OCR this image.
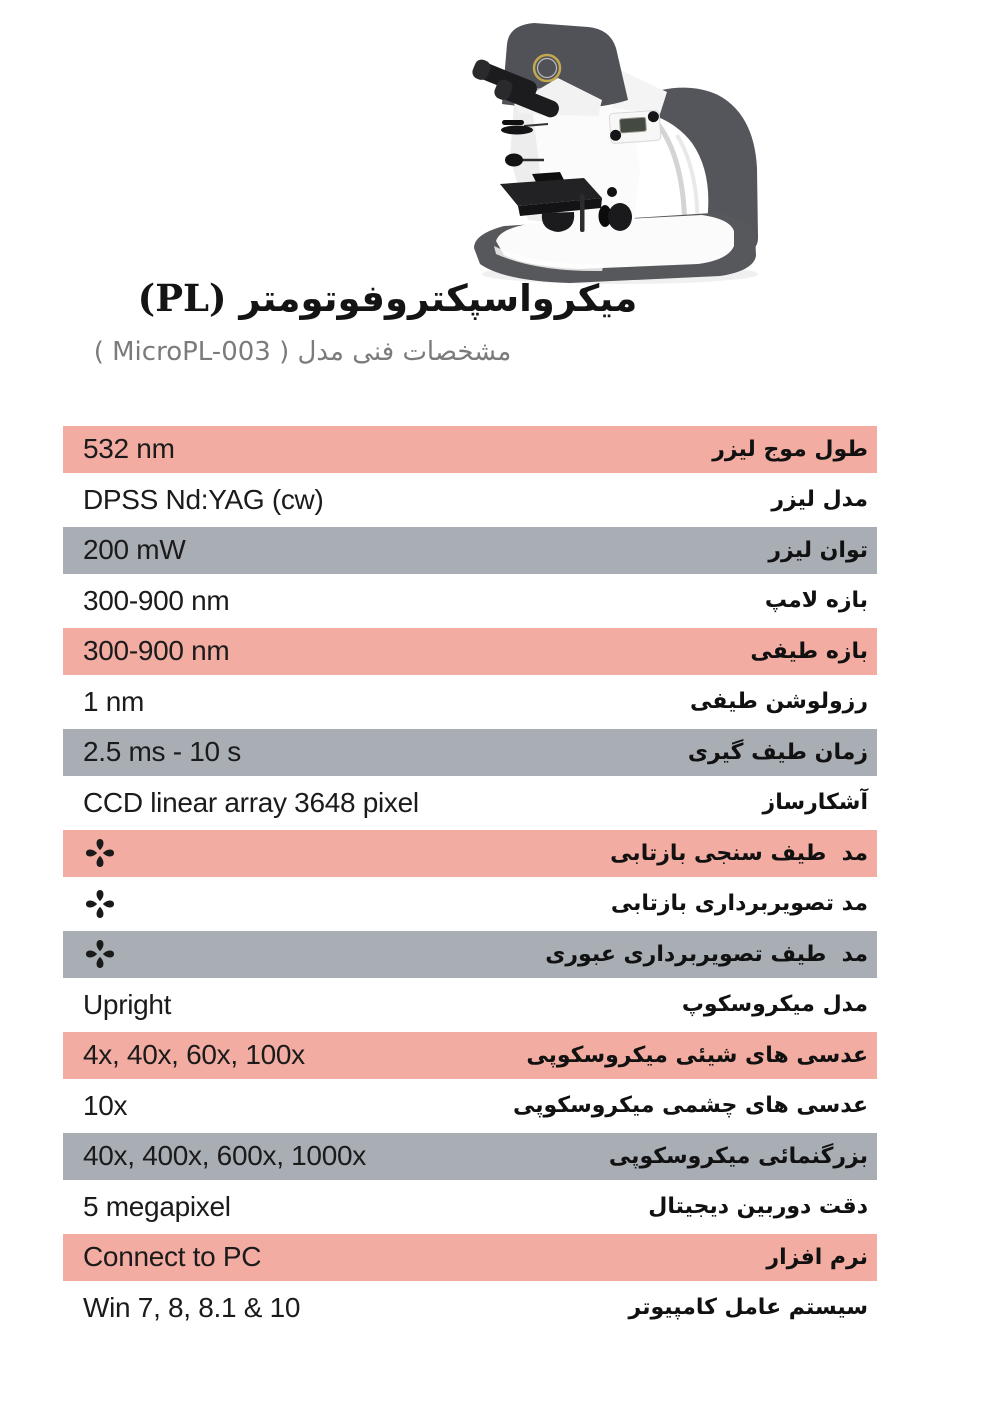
میکرواسپکتروفوتومتر (PL)
مشخصات فنی مدل ( MicroPL-003 )
532 nm	طول موج لیزر
DPSS Nd:YAG (cw)	مدل لیزر
200 mW	توان لیزر
300-900 nm	بازه لامپ
300-900 nm	بازه طیفی
1 nm	رزولوشن طیفی
2.5 ms - 10 s	زمان طیف گیری
CCD linear array 3648 pixel	آشکارساز
مد  طیف سنجی بازتابی
مد تصویربرداری بازتابی
مد  طیف تصویربرداری عبوری
Upright	مدل میکروسکوپ
4x, 40x, 60x, 100x	عدسی های شیئی میکروسکوپی
10x	عدسی های چشمی میکروسکوپی
40x, 400x, 600x, 1000x	بزرگنمائی میکروسکوپی
5 megapixel	دقت دوربین دیجیتال
Connect to PC	نرم افزار
Win 7, 8, 8.1 & 10	سیستم عامل کامپیوتر
